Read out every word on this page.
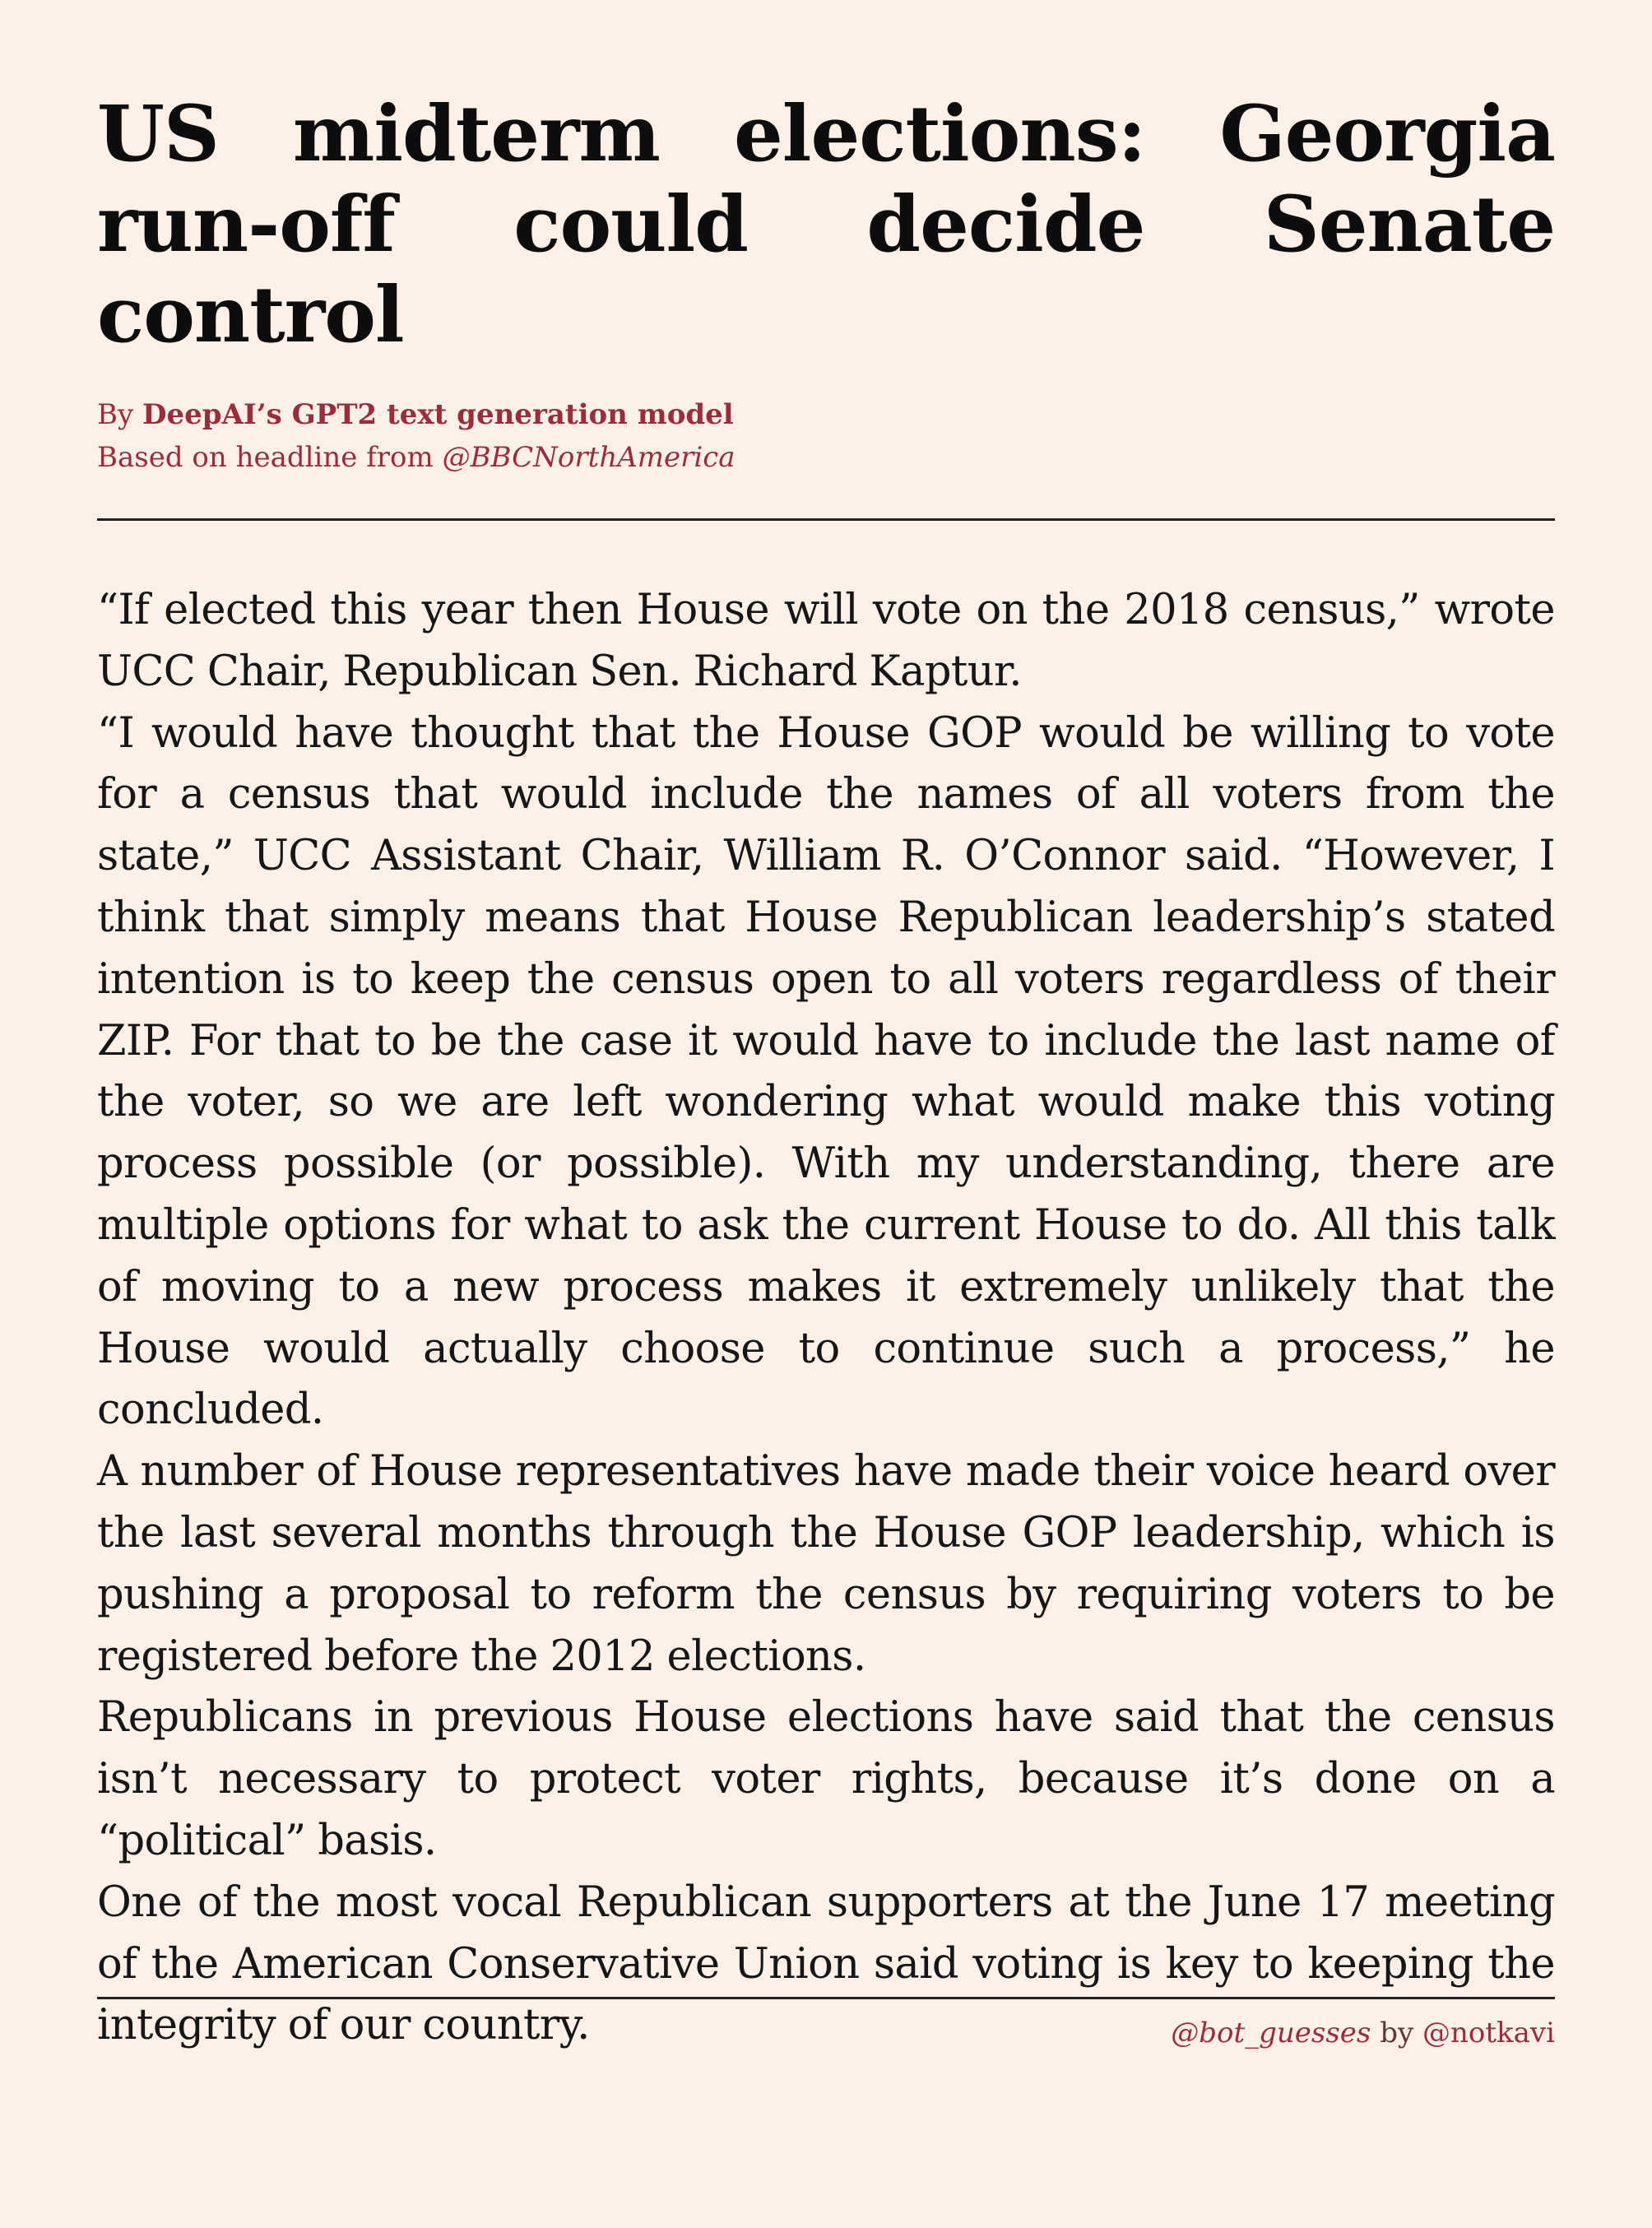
US midterm elections: Georgia run-off could decide Senate control
By DeepAI’s GPT2 text generation model
Based on headline from @BBCNorthAmerica

“If elected this year then House will vote on the 2018 census,” wrote UCC Chair, Republican Sen. Richard Kaptur.

“I would have thought that the House GOP would be willing to vote for a census that would include the names of all voters from the state,” UCC Assistant Chair, William R. O’Connor said. “However, I think that simply means that House Republican leadership’s stated intention is to keep the census open to all voters regardless of their ZIP. For that to be the case it would have to include the last name of the voter, so we are left wondering what would make this voting process possible (or possible). With my understanding, there are multiple options for what to ask the current House to do. All this talk of moving to a new process makes it extremely unlikely that the House would actually choose to continue such a process,” he concluded.

A number of House representatives have made their voice heard over the last several months through the House GOP leadership, which is pushing a proposal to reform the census by requiring voters to be registered before the 2012 elections.

Republicans in previous House elections have said that the census isn’t necessary to protect voter rights, because it’s done on a “political” basis.

One of the most vocal Republican supporters at the June 17 meeting of the American Conservative Union said voting is key to keeping the integrity of our country.	@bot_guesses by @notkavi
